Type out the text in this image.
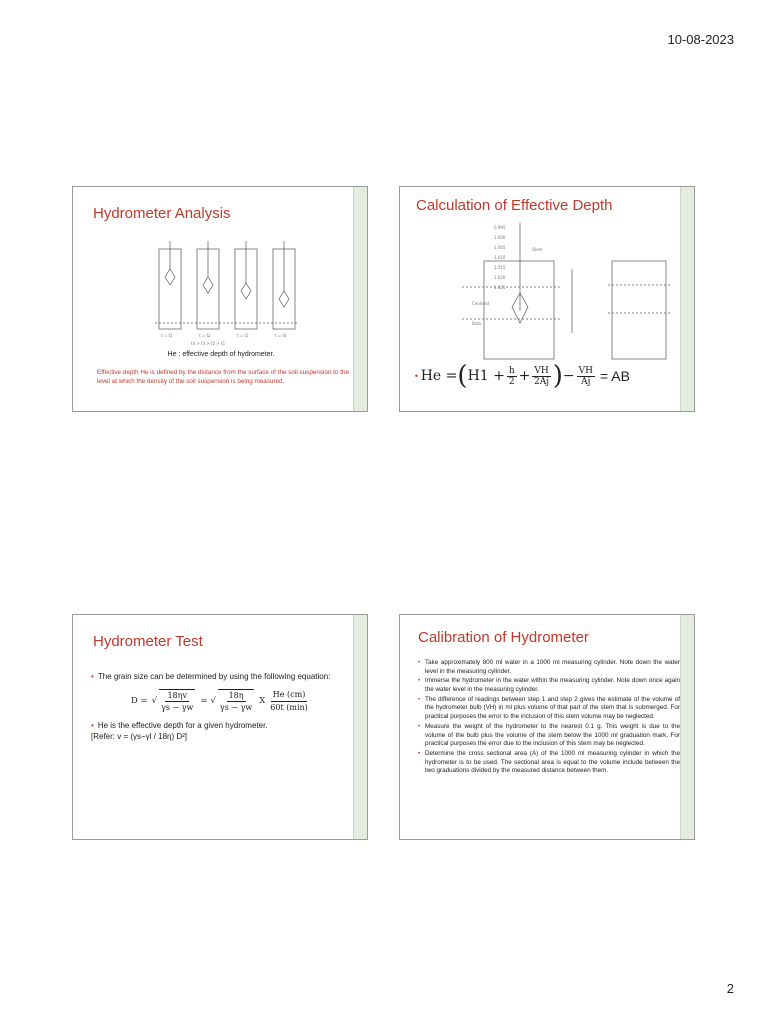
10-08-2023
Hydrometer Analysis
t = t1	t = t2	t = t3	t = t4
t4 > t3 > t2 > t1
He : effective depth of hydrometer.
Effective depth He is defined by the distance from the surface of the soil suspension to the level at which the density of the soil suspension is being measured.
Calculation of Effective Depth
0.995
1.000
1.005
1.010
1.015
1.020
1.025
Stem
Centroid
Bulb
• He = ( $H1 + \frac{h}{2} + \frac{VH}{2Aj}$ ) − $\frac{VH}{Aj}$ = AB
Hydrometer Test
• The grain size can be determined by using the following equation:
D = √ $\frac{18\eta v}{\gamma s - \gamma w}$ = √ $\frac{18\eta}{\gamma s - \gamma w}$ X $\frac{He (cm)}{60t (\min)}$
• He is the effective depth for a given hydrometer.
[Refer: v = (γs−γl / 18η) D²]
Calibration of Hydrometer
• Take approximately 800 ml water in a 1000 ml measuring cylinder. Note down the water level in the measuring cylinder.
• Immerse the hydrometer in the water within the measuring cylinder. Note down once again the water level in the measuring cylinder.
• The difference of readings between step 1 and step 2 gives the estimate of the volume of the hydrometer bulb (VH) in ml plus volume of that part of the stem that is submerged. For practical purposes the error to the inclusion of this stem volume may be neglected.
• Measure the weight of the hydrometer to the nearest 0.1 g. This weight is due to the volume of the bulb plus the volume of the stem below the 1000 ml graduation mark. For practical purposes the error due to the inclusion of this stem may be neglected.
• Determine the cross sectional area (A) of the 1000 ml measuring cylinder in which the hydrometer is to be used. The sectional area is equal to the volume include between the two graduations divided by the measured distance between them.
2
